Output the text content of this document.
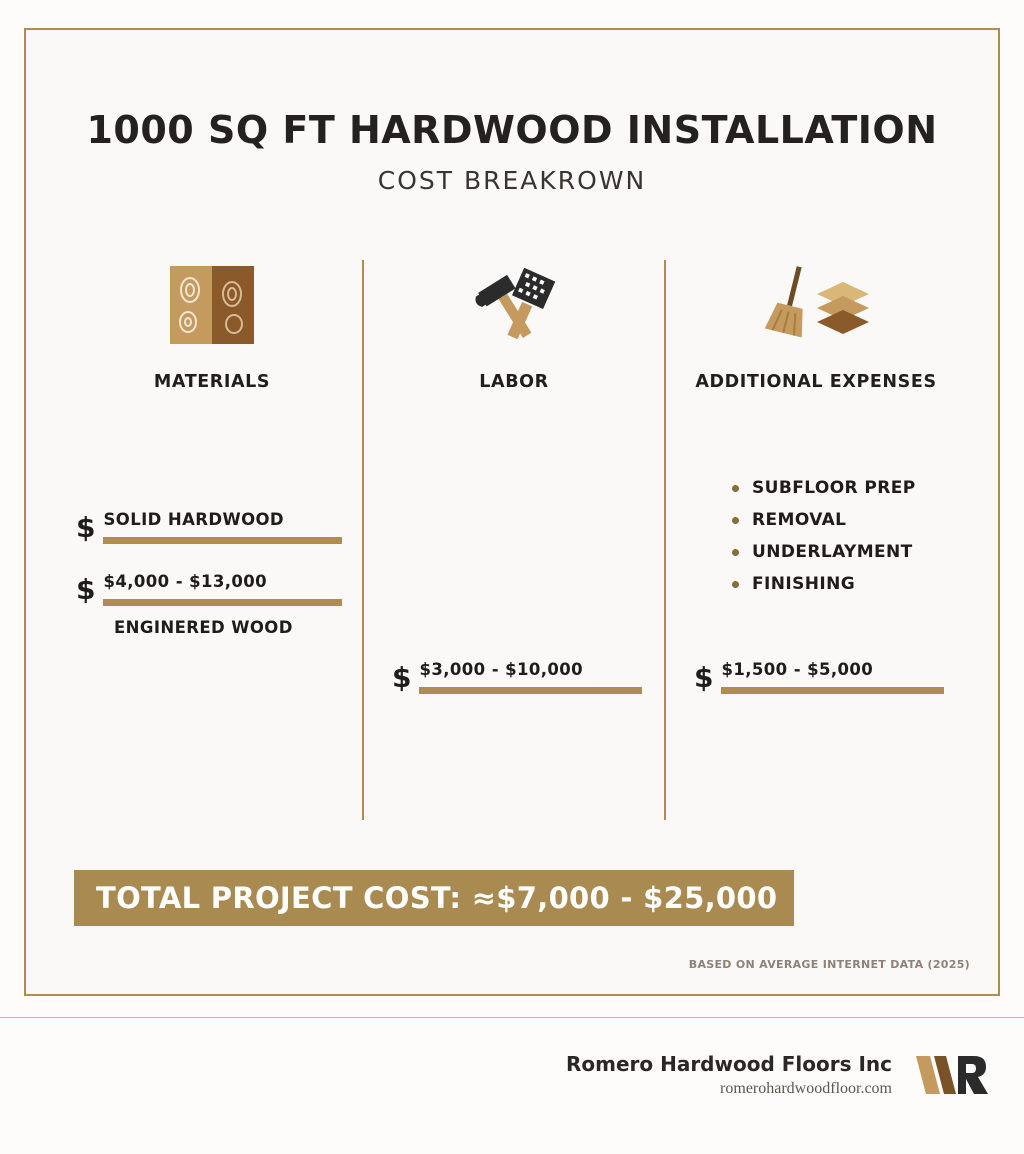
1000 SQ FT HARDWOOD INSTALLATION
COST BREAKROWN
MATERIALS
$ SOLID HARDWOOD
$ $4,000 - $13,000
ENGINERED WOOD
LABOR
$ $3,000 - $10,000
ADDITIONAL EXPENSES
SUBFLOOR PREP
REMOVAL
UNDERLAYMENT
FINISHING
$ $1,500 - $5,000
TOTAL PROJECT COST: ≈$7,000 - $25,000
BASED ON AVERAGE INTERNET DATA (2025)
Romero Hardwood Floors Inc
romerohardwoodfloor.com
